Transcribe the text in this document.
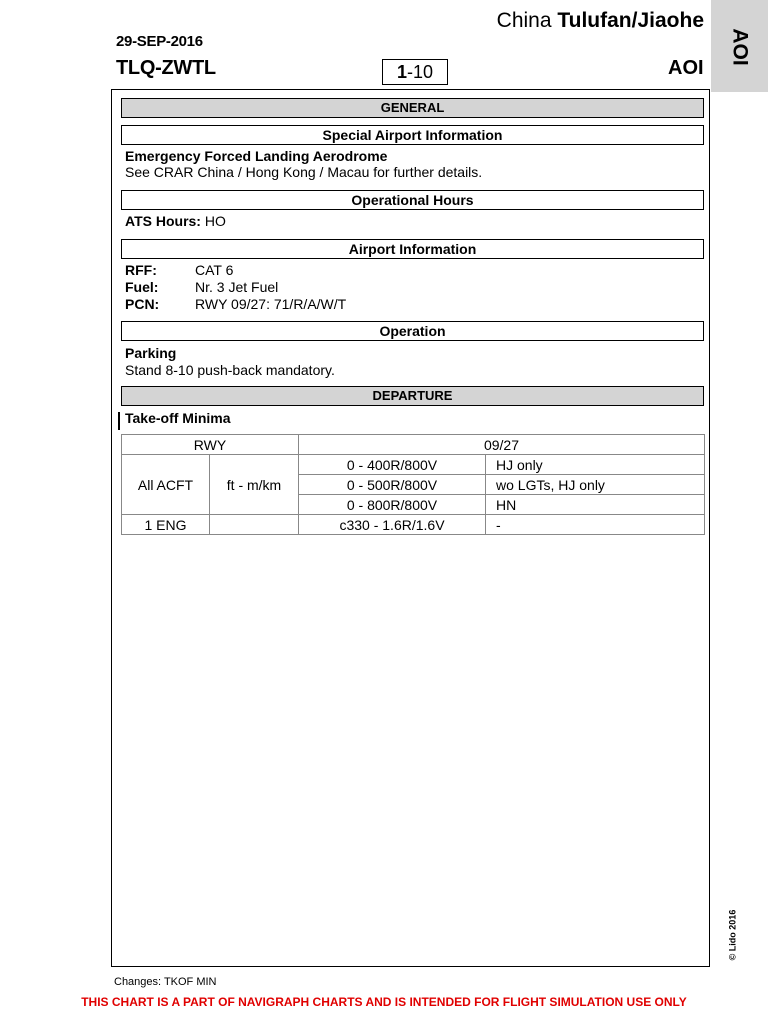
29-SEP-2016
TLQ-ZWTL
China Tulufan/Jiaohe
1-10	AOI
AOI
GENERAL
Special Airport Information
Emergency Forced Landing Aerodrome
See CRAR China / Hong Kong / Macau for further details.
Operational Hours
ATS Hours: HO
Airport Information
RFF:	CAT 6
Fuel:	Nr. 3 Jet Fuel
PCN:	RWY 09/27: 71/R/A/W/T
Operation
Parking
Stand 8-10 push-back mandatory.
DEPARTURE
Take-off Minima
RWY		09/27	
All ACFT	ft - m/km	0 - 400R/800V	HJ only
		0 - 500R/800V	wo LGTs, HJ only
		0 - 800R/800V	HN
1 ENG		c330 - 1.6R/1.6V	-
© Lido 2016
Changes: TKOF MIN
THIS CHART IS A PART OF NAVIGRAPH CHARTS AND IS INTENDED FOR FLIGHT SIMULATION USE ONLY
